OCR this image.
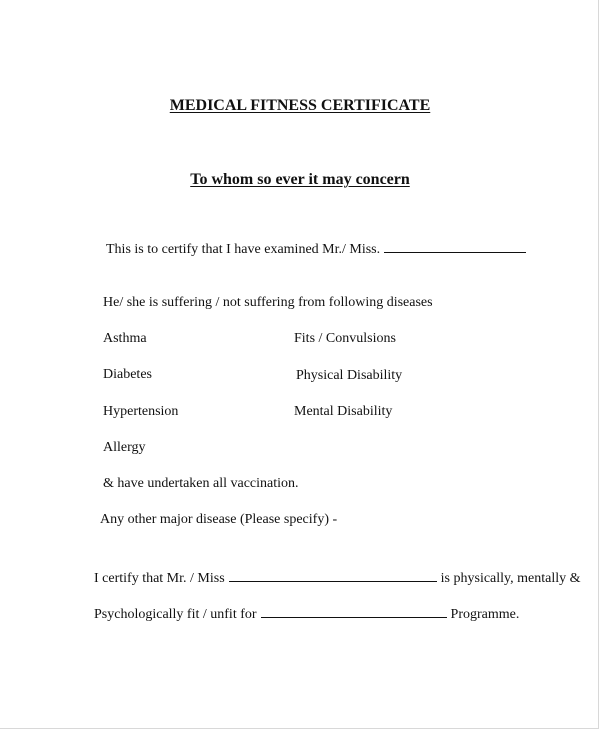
MEDICAL FITNESS CERTIFICATE
To whom so ever it may concern
This is to certify that I have examined Mr./ Miss.
He/ she is suffering / not suffering from following diseases
Asthma	Fits / Convulsions
Diabetes	Physical Disability
Hypertension	Mental Disability
Allergy
& have undertaken all vaccination.
Any other major disease (Please specify) -
I certify that Mr. / Miss	is physically, mentally &
Psychologically fit / unfit for	Programme.
